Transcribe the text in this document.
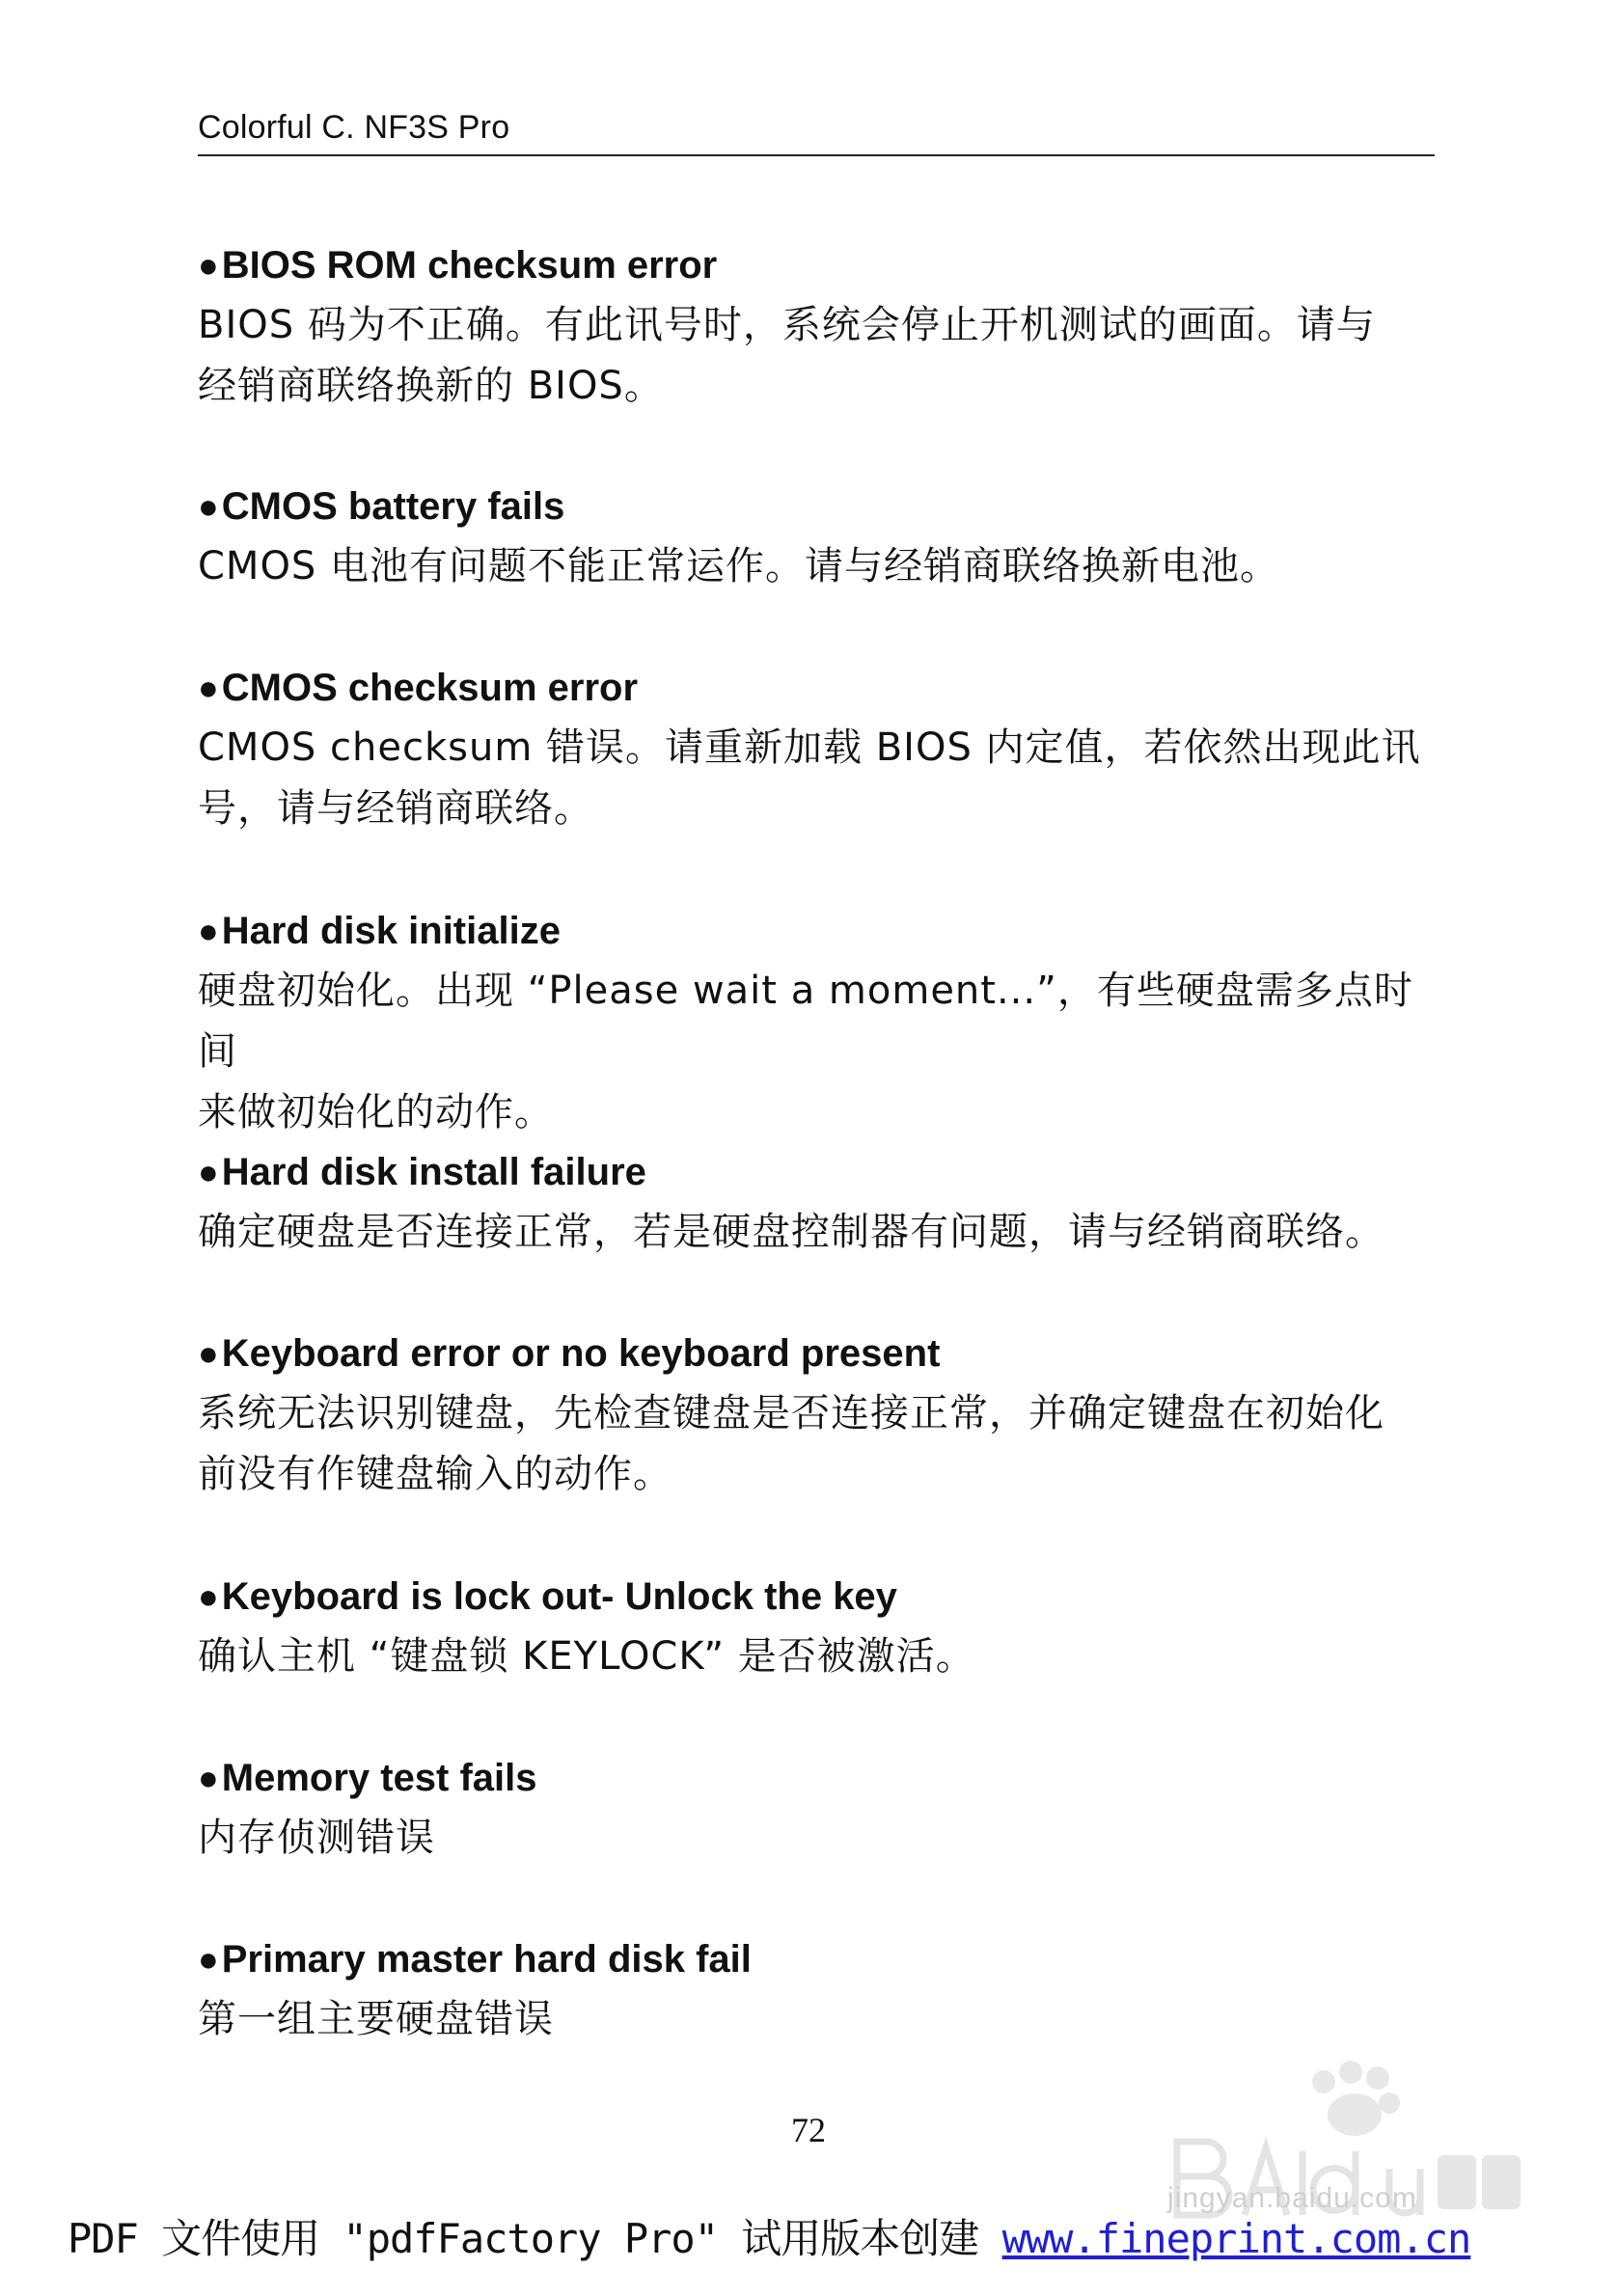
Colorful C. NF3S Pro
●BIOS ROM checksum error
BIOS 码为不正确。有此讯号时，系统会停止开机测试的画面。请与
经销商联络换新的 BIOS。
●CMOS battery fails
CMOS 电池有问题不能正常运作。请与经销商联络换新电池。
●CMOS checksum error
CMOS checksum 错误。请重新加载 BIOS 内定值，若依然出现此讯
号，请与经销商联络。
●Hard disk initialize
硬盘初始化。出现 “Please wait a moment...”，有些硬盘需多点时间
来做初始化的动作。
●Hard disk install failure
确定硬盘是否连接正常，若是硬盘控制器有问题，请与经销商联络。
●Keyboard error or no keyboard present
系统无法识别键盘，先检查键盘是否连接正常，并确定键盘在初始化
前没有作键盘输入的动作。
●Keyboard is lock out- Unlock the key
确认主机 “键盘锁 KEYLOCK” 是否被激活。
●Memory test fails
内存侦测错误
●Primary master hard disk fail
第一组主要硬盘错误
72
jingyan.baidu.com
PDF 文件使用 "pdfFactory Pro" 试用版本创建 www.fineprint.com.cn
